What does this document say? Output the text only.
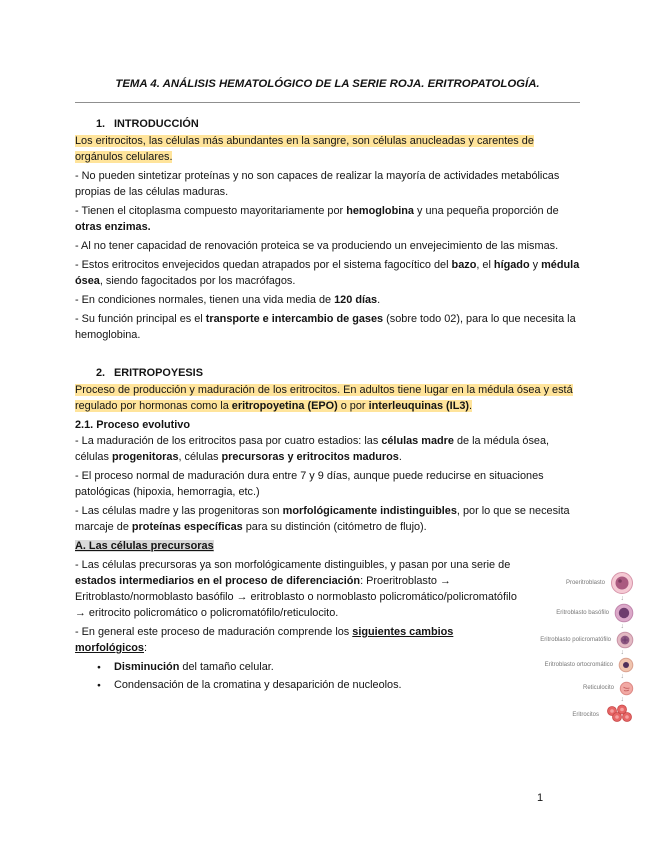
TEMA 4. ANÁLISIS HEMATOLÓGICO DE LA SERIE ROJA. ERITROPATOLOGÍA.
1. INTRODUCCIÓN

Los eritrocitos, las células más abundantes en la sangre, son células anucleadas y carentes de orgánulos celulares.

- No pueden sintetizar proteínas y no son capaces de realizar la mayoría de actividades metabólicas propias de las células maduras.

- Tienen el citoplasma compuesto mayoritariamente por hemoglobina y una pequeña proporción de otras enzimas.

- Al no tener capacidad de renovación proteica se va produciendo un envejecimiento de las mismas.

- Estos eritrocitos envejecidos quedan atrapados por el sistema fagocítico del bazo, el hígado y médula ósea, siendo fagocitados por los macrófagos.

- En condiciones normales, tienen una vida media de 120 días.

- Su función principal es el transporte e intercambio de gases (sobre todo 02), para lo que necesita la hemoglobina.

2. ERITROPOYESIS

Proceso de producción y maduración de los eritrocitos. En adultos tiene lugar en la médula ósea y está regulado por hormonas como la eritropoyetina (EPO) o por interleuquinas (IL3).

2.1. Proceso evolutivo

- La maduración de los eritrocitos pasa por cuatro estadios: las células madre de la médula ósea, células progenitoras, células precursoras y eritrocitos maduros.

- El proceso normal de maduración dura entre 7 y 9 días, aunque puede reducirse en situaciones patológicas (hipoxia, hemorragia, etc.)

- Las células madre y las progenitoras son morfológicamente indistinguibles, por lo que se necesita marcaje de proteínas específicas para su distinción (citómetro de flujo).

A. Las células precursoras

- Las células precursoras ya son morfológicamente distinguibles, y pasan por una serie de estados intermediarios en el proceso de diferenciación: Proeritroblasto → Eritroblasto/normoblasto basófilo → eritroblasto o normoblasto policromático/policromatófilo → eritrocito policromático o policromatófilo/reticulocito.

- En general este proceso de maduración comprende los siguientes cambios morfológicos:

● Disminución del tamaño celular.
● Condensación de la cromatina y desaparición de nucleolos.
Proeritroblasto
↓
Eritroblasto basófilo
↓
Eritroblasto policromatófilo
↓
Eritroblasto ortocromático
↓
Reticulocito
↓
Eritrocitos
1
